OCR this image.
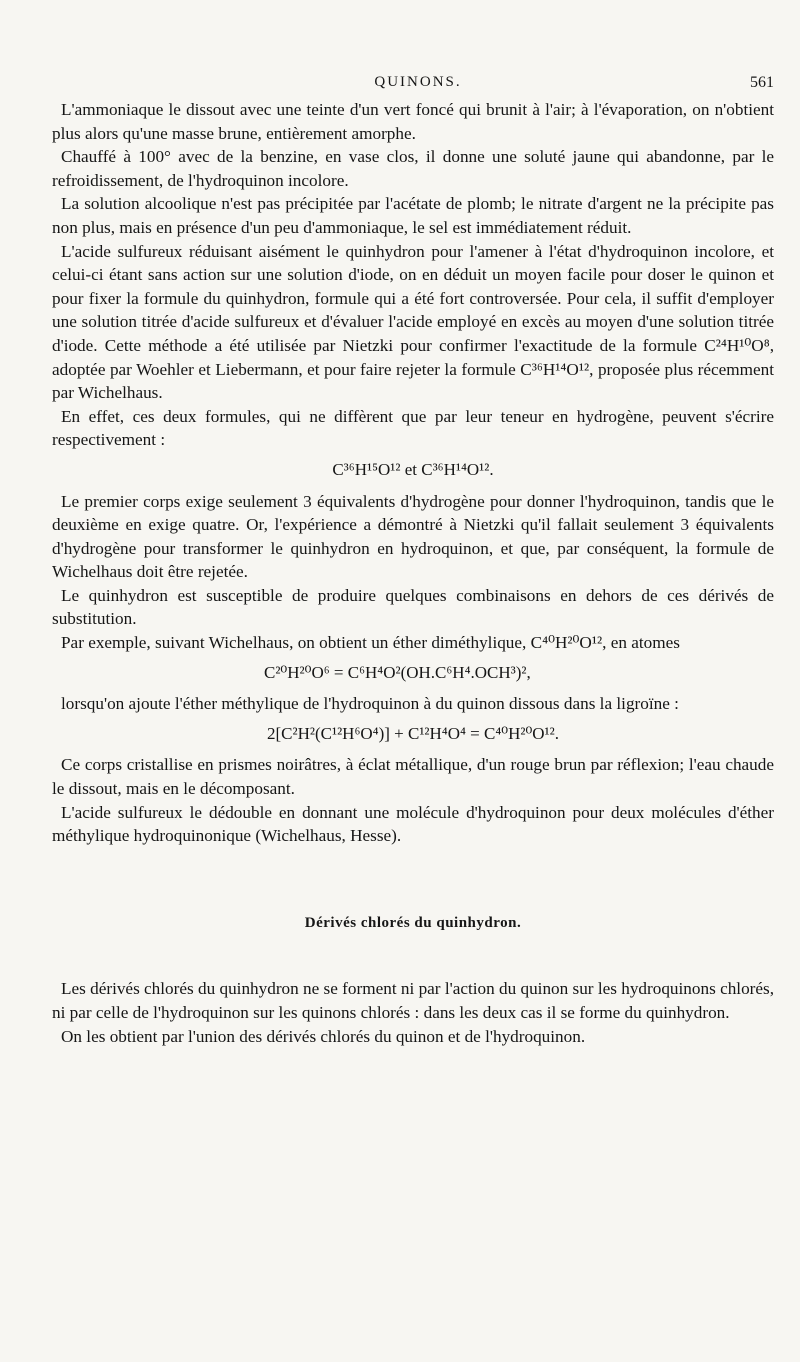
QUINONS.	561

L'ammoniaque le dissout avec une teinte d'un vert foncé qui brunit à l'air; à l'évaporation, on n'obtient plus alors qu'une masse brune, entièrement amorphe.

Chauffé à 100° avec de la benzine, en vase clos, il donne une soluté jaune qui abandonne, par le refroidissement, de l'hydroquinon incolore.

La solution alcoolique n'est pas précipitée par l'acétate de plomb; le nitrate d'argent ne la précipite pas non plus, mais en présence d'un peu d'ammoniaque, le sel est immédiatement réduit.

L'acide sulfureux réduisant aisément le quinhydron pour l'amener à l'état d'hydroquinon incolore, et celui-ci étant sans action sur une solution d'iode, on en déduit un moyen facile pour doser le quinon et pour fixer la formule du quinhydron, formule qui a été fort controversée. Pour cela, il suffit d'employer une solution titrée d'acide sulfureux et d'évaluer l'acide employé en excès au moyen d'une solution titrée d'iode. Cette méthode a été utilisée par Nietzki pour confirmer l'exactitude de la formule C²⁴H¹⁰O⁸, adoptée par Woehler et Liebermann, et pour faire rejeter la formule C³⁶H¹⁴O¹², proposée plus récemment par Wichelhaus.

En effet, ces deux formules, qui ne diffèrent que par leur teneur en hydrogène, peuvent s'écrire respectivement :

C³⁶H¹⁵O¹² et C³⁶H¹⁴O¹².

Le premier corps exige seulement 3 équivalents d'hydrogène pour donner l'hydroquinon, tandis que le deuxième en exige quatre. Or, l'expérience a démontré à Nietzki qu'il fallait seulement 3 équivalents d'hydrogène pour transformer le quinhydron en hydroquinon, et que, par conséquent, la formule de Wichelhaus doit être rejetée.

Le quinhydron est susceptible de produire quelques combinaisons en dehors de ces dérivés de substitution.

Par exemple, suivant Wichelhaus, on obtient un éther diméthylique, C⁴⁰H²⁰O¹², en atomes

C²⁰H²⁰O⁶ = C⁶H⁴O²(OH.C⁶H⁴.OCH³)²,

lorsqu'on ajoute l'éther méthylique de l'hydroquinon à du quinon dissous dans la ligroïne :

2[C²H²(C¹²H⁶O⁴)] + C¹²H⁴O⁴ = C⁴⁰H²⁰O¹².

Ce corps cristallise en prismes noirâtres, à éclat métallique, d'un rouge brun par réflexion; l'eau chaude le dissout, mais en le décomposant.

L'acide sulfureux le dédouble en donnant une molécule d'hydroquinon pour deux molécules d'éther méthylique hydroquinonique (Wichelhaus, Hesse).

Dérivés chlorés du quinhydron.

Les dérivés chlorés du quinhydron ne se forment ni par l'action du quinon sur les hydroquinons chlorés, ni par celle de l'hydroquinon sur les quinons chlorés : dans les deux cas il se forme du quinhydron.

On les obtient par l'union des dérivés chlorés du quinon et de l'hydroquinon.
